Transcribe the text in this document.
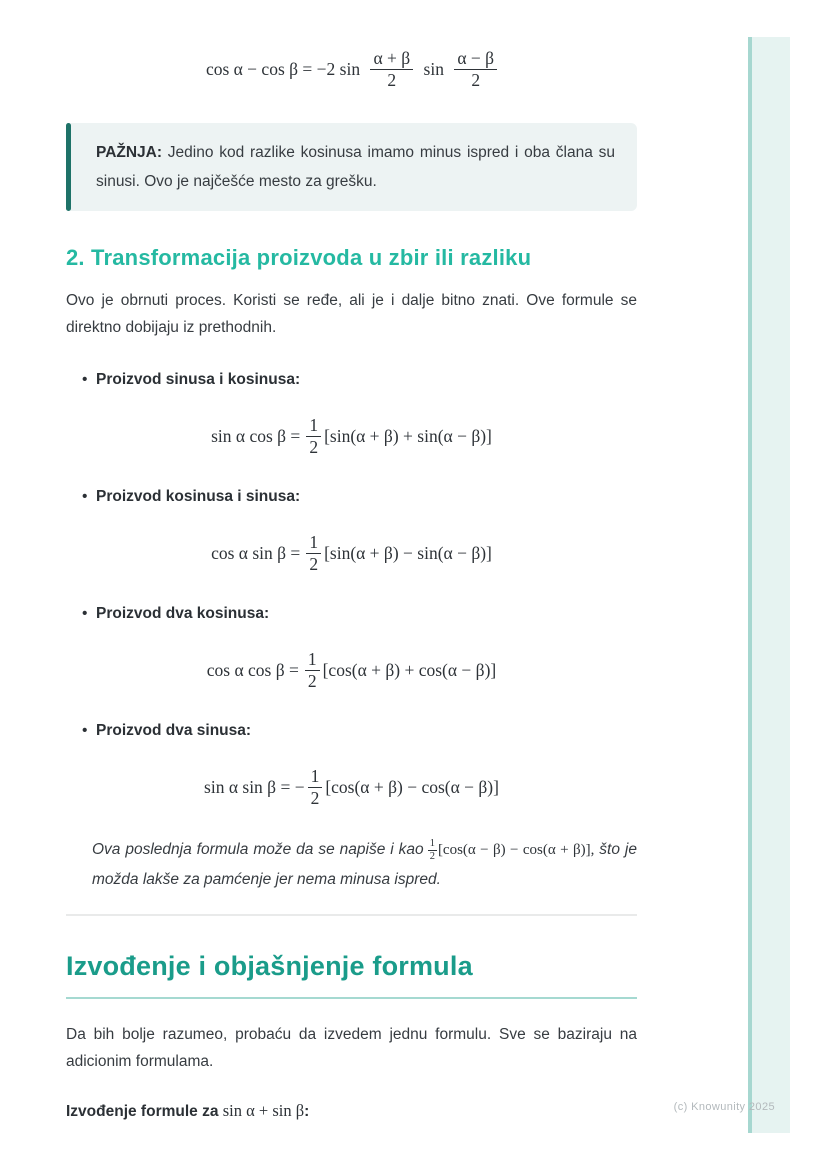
(c) Knowunity 2025
cos α − cos β = −2 $\sin \frac{\alpha + \beta}{2}$ $\sin \frac{\alpha - \beta}{2}$
PAŽNJA: Jedino kod razlike kosinusa imamo minus ispred i oba člana su sinusi. Ovo je najčešće mesto za grešku.
2. Transformacija proizvoda u zbir ili razliku

Ovo je obrnuti proces. Koristi se ređe, ali je i dalje bitno znati. Ove formule se direktno dobijaju iz prethodnih.

• Proizvod sinusa i kosinusa:
sin α $\cos \beta = \frac{1}{2} [\sin(\alpha + \beta) + \sin(\alpha - \beta)]$
• Proizvod kosinusa i sinusa:
cos α $\sin \beta = \frac{1}{2} [\sin(\alpha + \beta) - \sin(\alpha - \beta)]$
• Proizvod dva kosinusa:
cos α $\cos \beta = \frac{1}{2} [\cos(\alpha + \beta) + \cos(\alpha - \beta)]$
• Proizvod dva sinusa:
sin α sin β = − $\frac{1}{2} [\cos(\alpha + \beta) - \cos(\alpha - \beta)]$

Ova poslednja formula može da se napiše i kao $\frac{1}{2} [\cos(\alpha - \beta) - \cos(\alpha + \beta)]$, što je možda lakše za pamćenje jer nema minusa ispred.

Izvođenje i objašnjenje formula

Da bih bolje razumeo, probaću da izvedem jednu formulu. Sve se baziraju na adicionim formulama.

Izvođenje formule za sin α + sin β:
